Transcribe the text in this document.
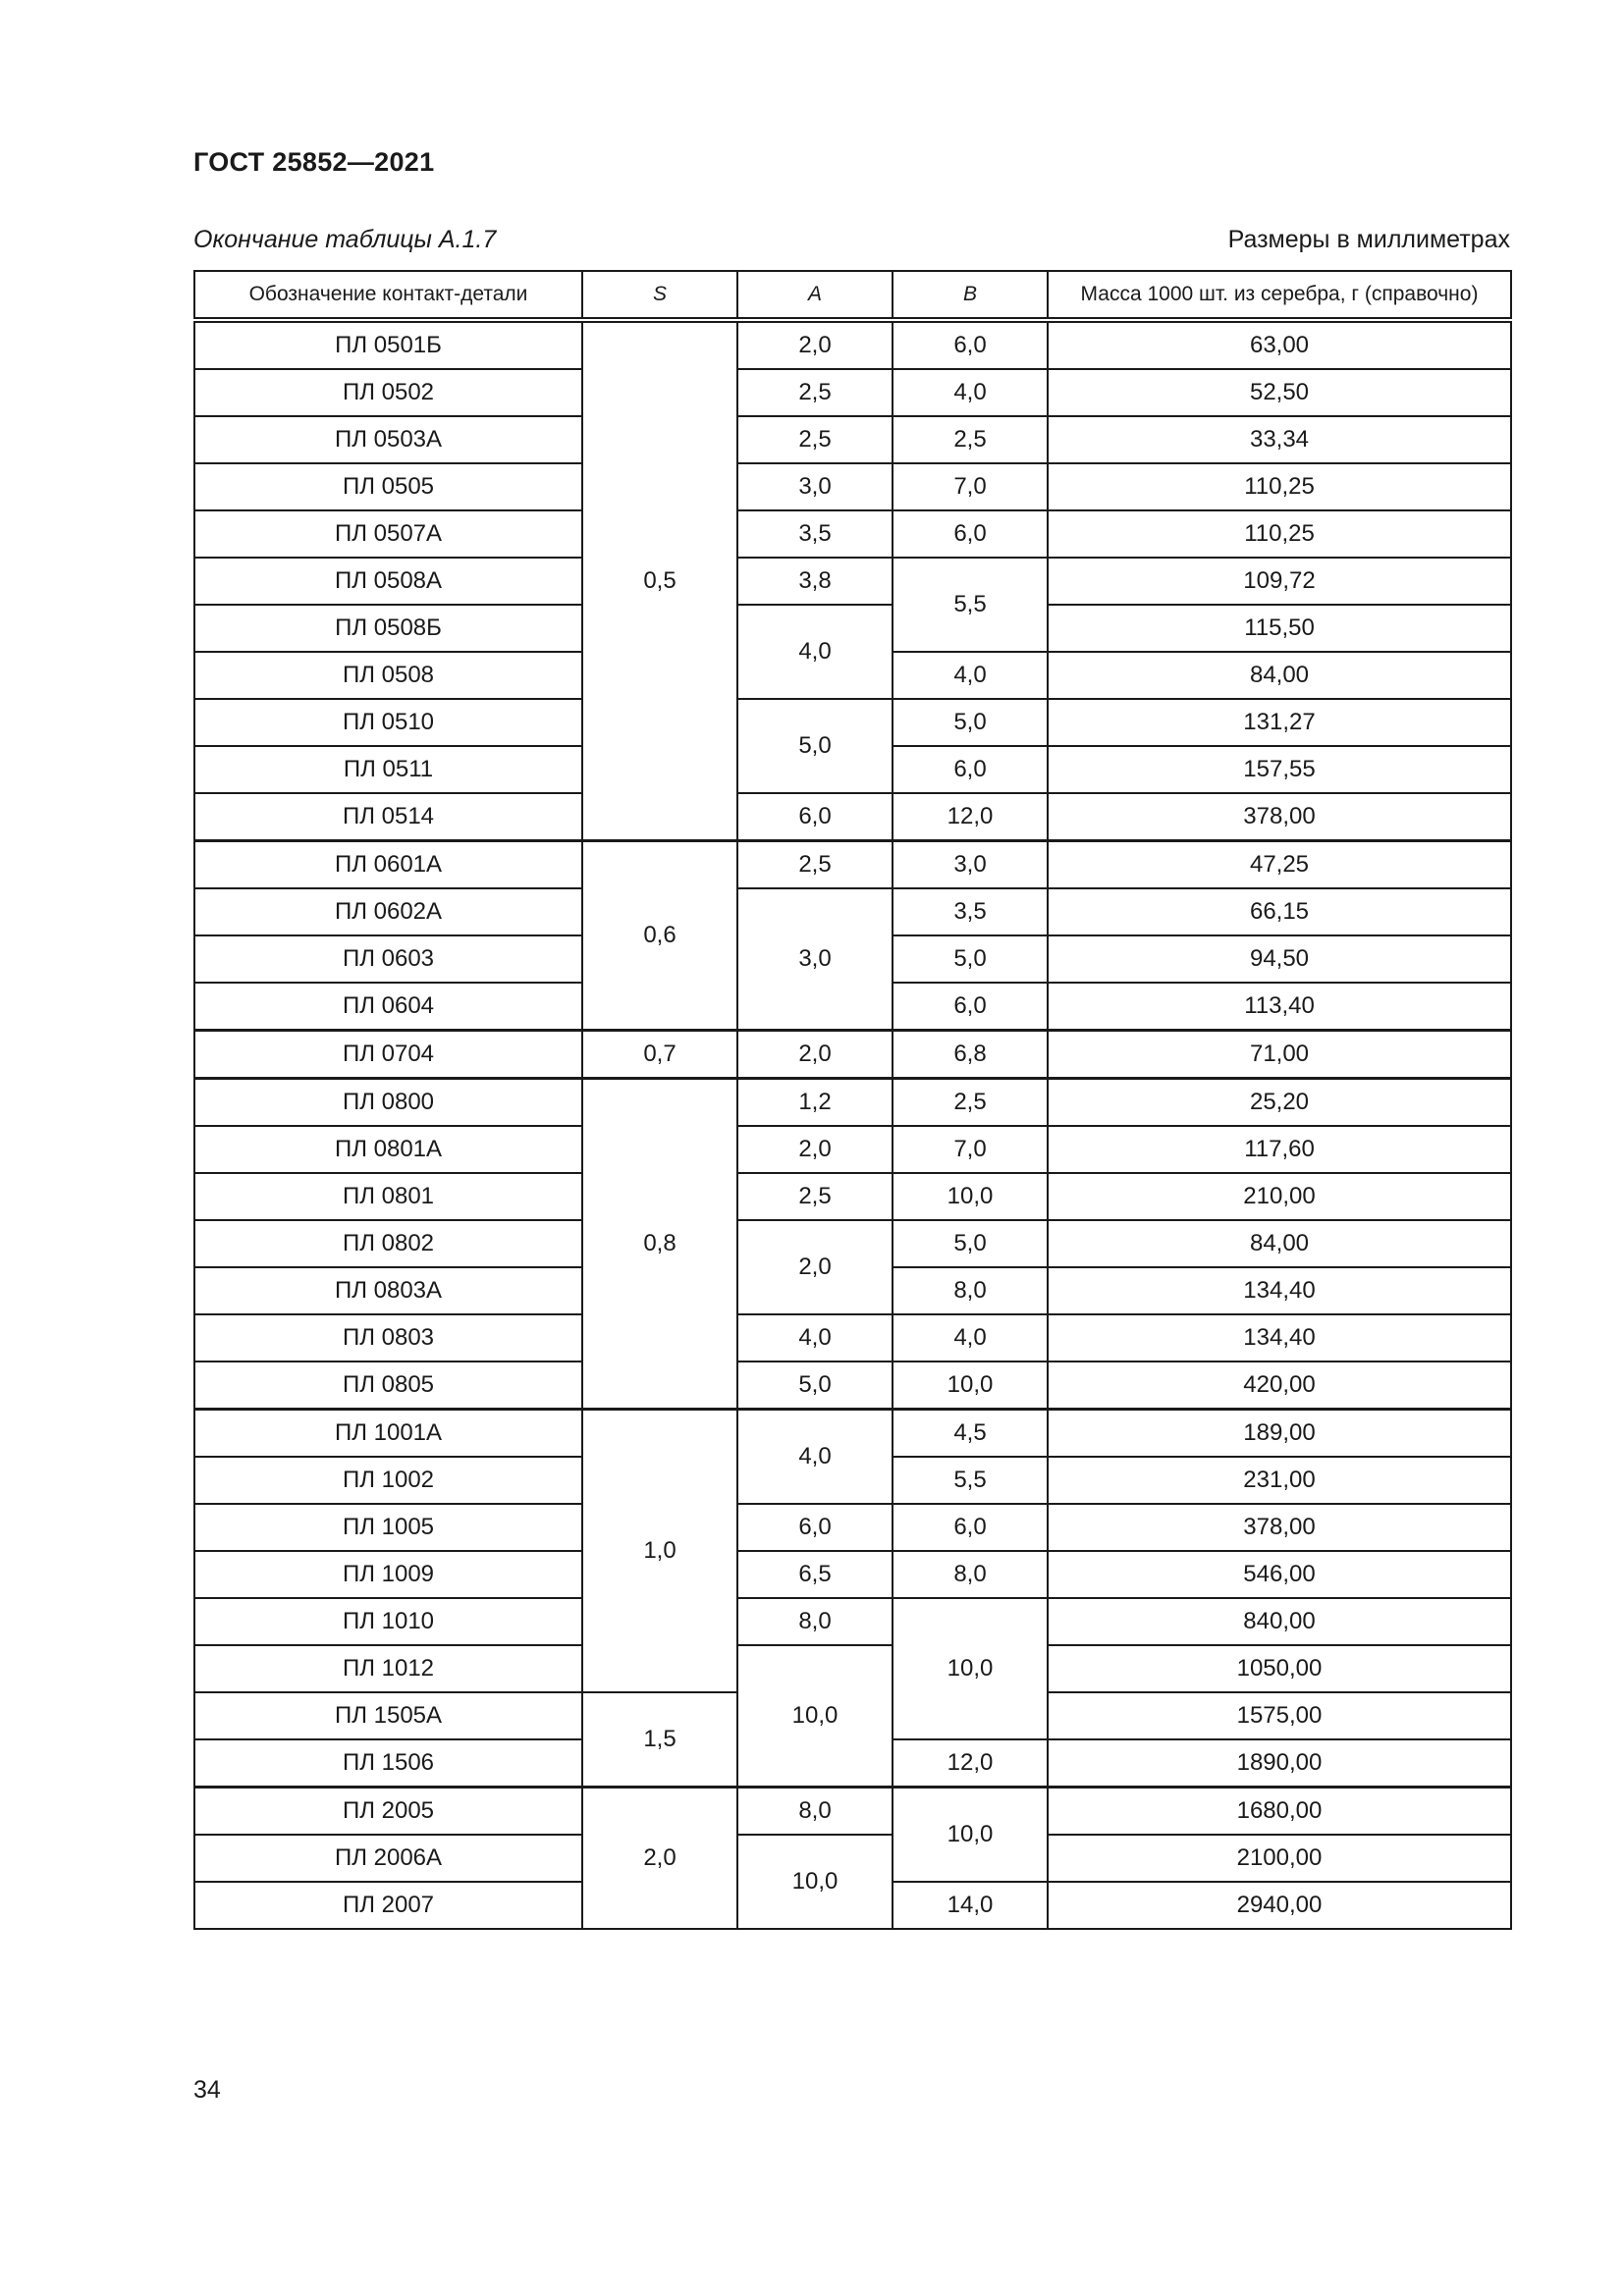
ГОСТ 25852—2021
Окончание таблицы А.1.7	Размеры в миллиметрах
Обозначение контакт-детали	S	A	B	Масса 1000 шт. из серебра, г (справочно)
ПЛ 0501Б	0,5	2,0	6,0	63,00
ПЛ 0502		2,5	4,0	52,50
ПЛ 0503А		2,5	2,5	33,34
ПЛ 0505		3,0	7,0	110,25
ПЛ 0507А		3,5	6,0	110,25
ПЛ 0508А		3,8	5,5	109,72
ПЛ 0508Б		4,0		115,50
ПЛ 0508			4,0	84,00
ПЛ 0510		5,0	5,0	131,27
ПЛ 0511			6,0	157,55
ПЛ 0514		6,0	12,0	378,00
ПЛ 0601А	0,6	2,5	3,0	47,25
ПЛ 0602А		3,0	3,5	66,15
ПЛ 0603			5,0	94,50
ПЛ 0604			6,0	113,40
ПЛ 0704	0,7	2,0	6,8	71,00
ПЛ 0800	0,8	1,2	2,5	25,20
ПЛ 0801А		2,0	7,0	117,60
ПЛ 0801		2,5	10,0	210,00
ПЛ 0802		2,0	5,0	84,00
ПЛ 0803А			8,0	134,40
ПЛ 0803		4,0	4,0	134,40
ПЛ 0805		5,0	10,0	420,00
ПЛ 1001А	1,0	4,0	4,5	189,00
ПЛ 1002			5,5	231,00
ПЛ 1005		6,0	6,0	378,00
ПЛ 1009		6,5	8,0	546,00
ПЛ 1010		8,0	10,0	840,00
ПЛ 1012		10,0		1050,00
ПЛ 1505А	1,5			1575,00
ПЛ 1506			12,0	1890,00
ПЛ 2005	2,0	8,0	10,0	1680,00
ПЛ 2006А		10,0		2100,00
ПЛ 2007			14,0	2940,00
34
